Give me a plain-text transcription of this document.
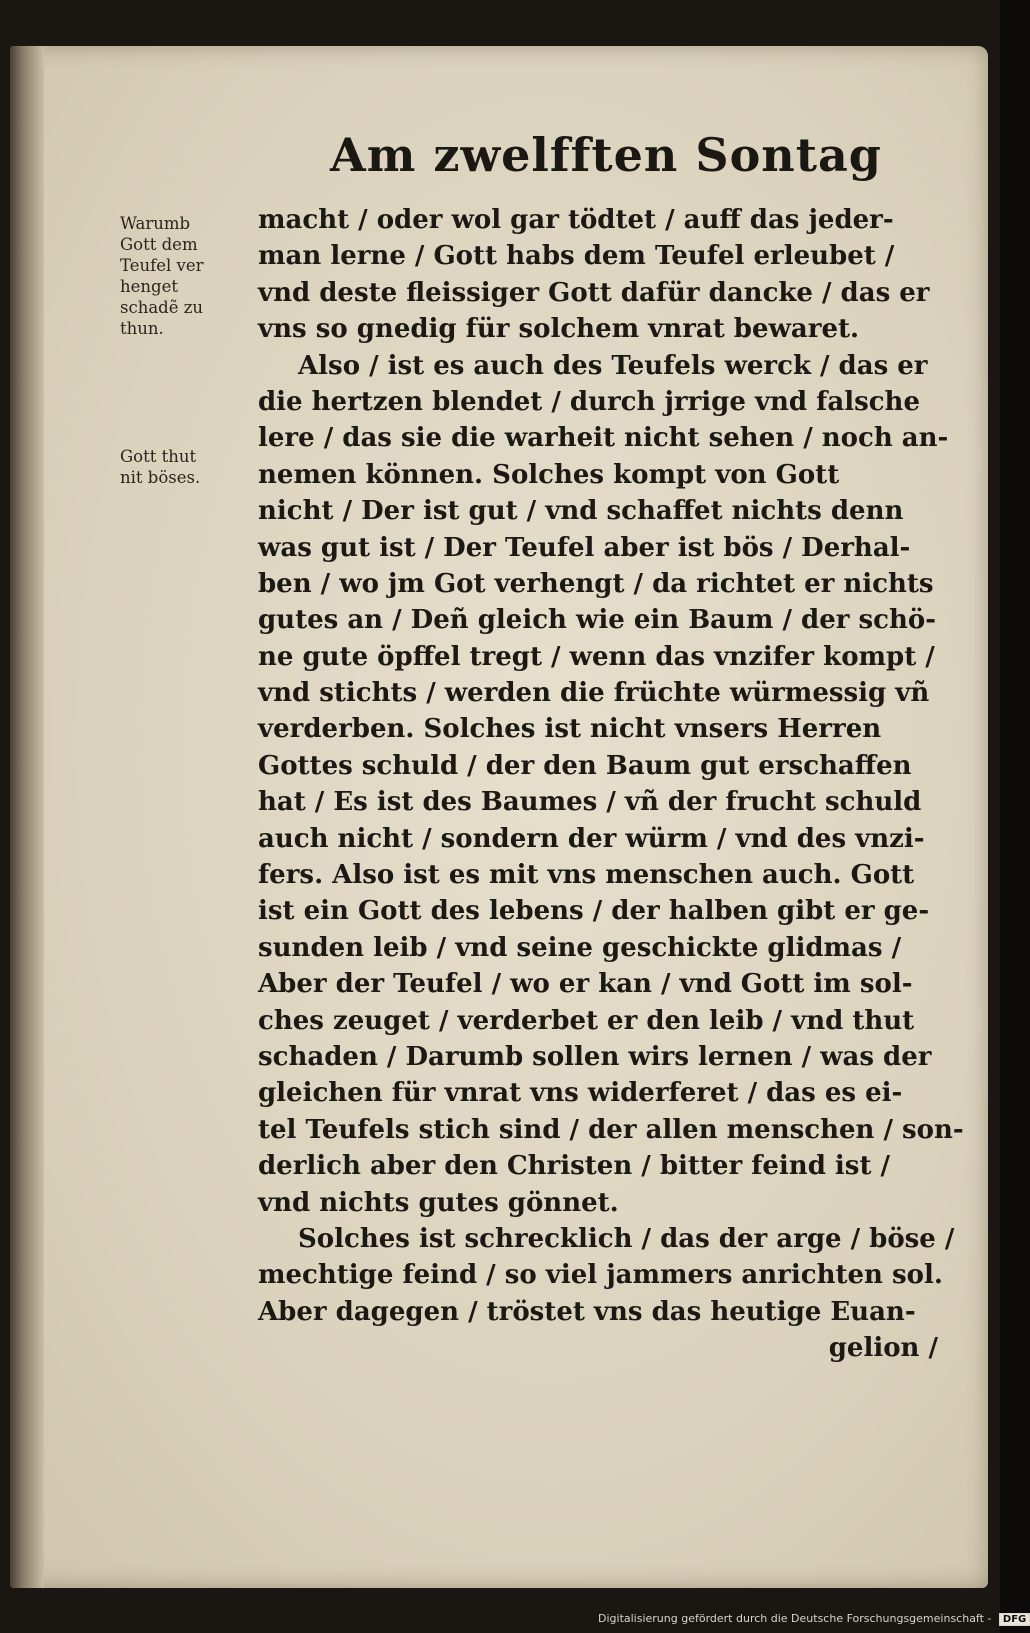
Am zwelfften Sontag
Warumb
Gott dem
Teufel ver
henget
schadẽ zu
thun.
Gott thut
nit böses.
macht / oder wol gar tödtet / auff das jeder-
man lerne / Gott habs dem Teufel erleubet /
vnd deste fleissiger Gott dafür dancke / das er
vns so gnedig für solchem vnrat bewaret.
Also / ist es auch des Teufels werck / das er
die hertzen blendet / durch jrrige vnd falsche
lere / das sie die warheit nicht sehen / noch an-
nemen können. Solches kompt von Gott
nicht / Der ist gut / vnd schaffet nichts denn
was gut ist / Der Teufel aber ist bös / Derhal-
ben / wo jm Got verhengt / da richtet er nichts
gutes an / Deñ gleich wie ein Baum / der schö-
ne gute öpffel tregt / wenn das vnzifer kompt /
vnd stichts / werden die früchte würmessig vñ
verderben. Solches ist nicht vnsers Herren
Gottes schuld / der den Baum gut erschaffen
hat / Es ist des Baumes / vñ der frucht schuld
auch nicht / sondern der würm / vnd des vnzi-
fers. Also ist es mit vns menschen auch. Gott
ist ein Gott des lebens / der halben gibt er ge-
sunden leib / vnd seine geschickte glidmas /
Aber der Teufel / wo er kan / vnd Gott im sol-
ches zeuget / verderbet er den leib / vnd thut
schaden / Darumb sollen wirs lernen / was der
gleichen für vnrat vns widerferet / das es ei-
tel Teufels stich sind / der allen menschen / son-
derlich aber den Christen / bitter feind ist /
vnd nichts gutes gönnet.
Solches ist schrecklich / das der arge / böse /
mechtige feind / so viel jammers anrichten sol.
Aber dagegen / tröstet vns das heutige Euan-
gelion /
Digitalisierung gefördert durch die Deutsche Forschungsgemeinschaft - DFG
